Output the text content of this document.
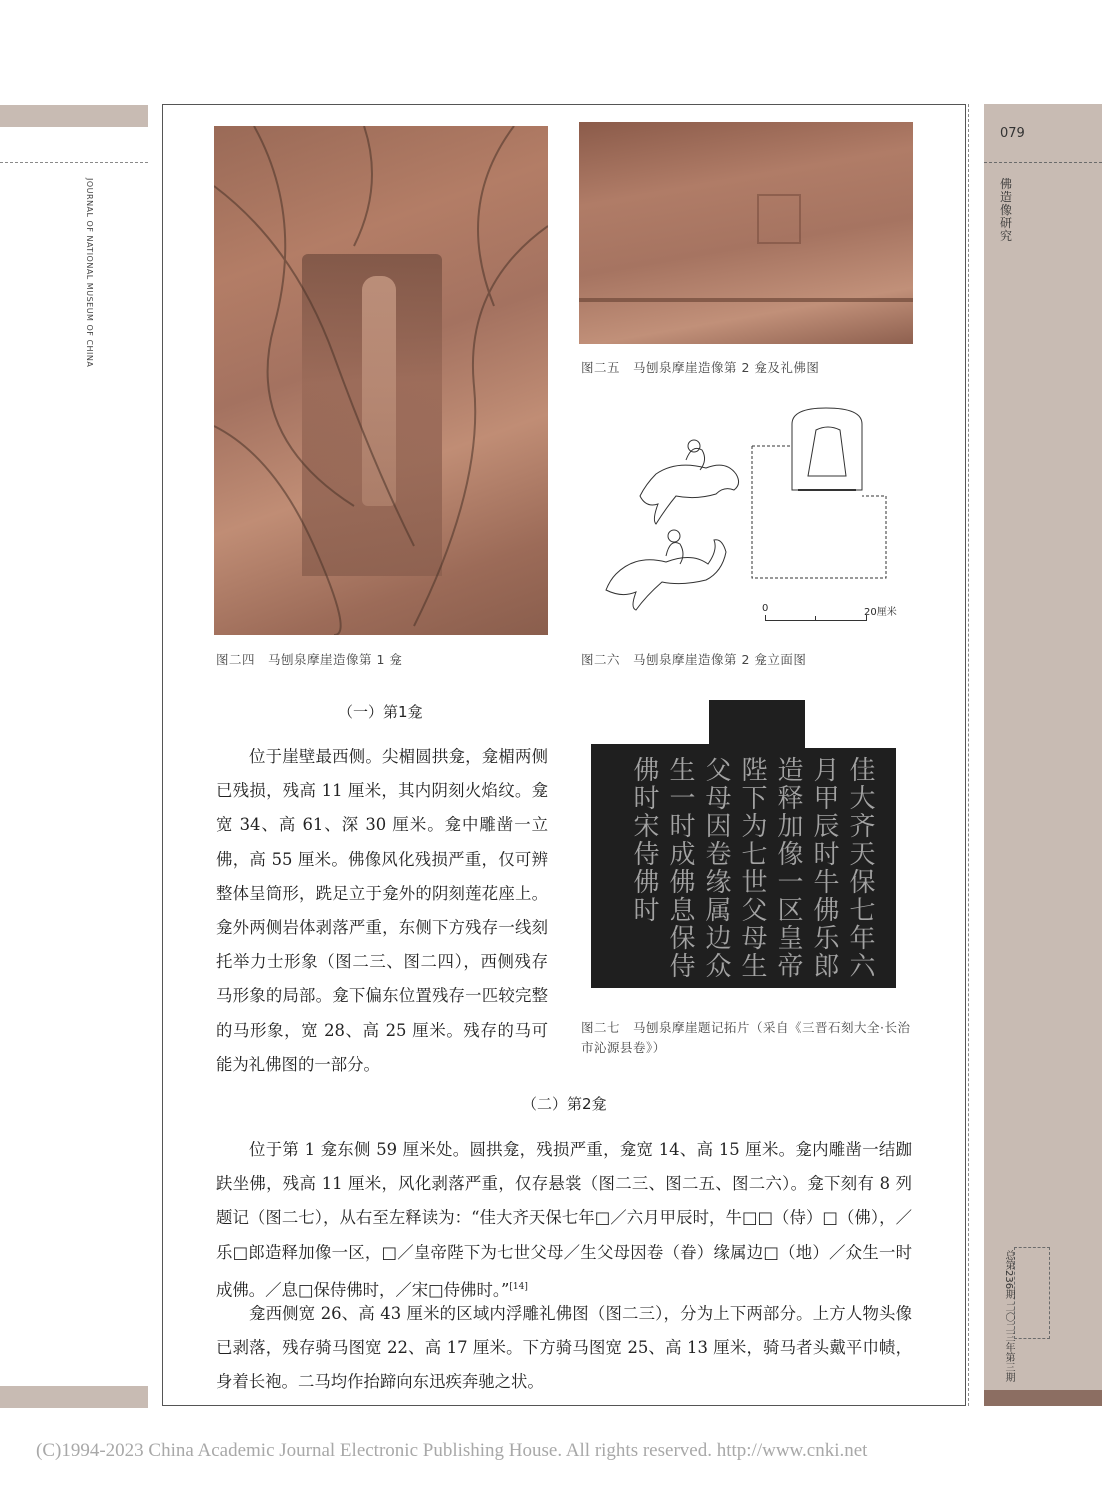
JOURNAL OF NATIONAL MUSEUM OF CHINA
079
佛造像研究
总第236期 二〇二三年第三期
图二四　马刨泉摩崖造像第 1 龛
图二五　马刨泉摩崖造像第 2 龛及礼佛图
0	20厘米
图二六　马刨泉摩崖造像第 2 龛立面图
佳大齐天保七年六月甲辰时牛佛乐郎造释加像一区皇帝陛下为七世父母生父母因卷缘属边众生一时成佛息保侍佛时宋侍佛时
图二七　马刨泉摩崖题记拓片（采自《三晋石刻大全·长治市沁源县卷》）
（一）第1龛
位于崖壁最西侧。尖楣圆拱龛，龛楣两侧已残损，残高 11 厘米，其内阴刻火焰纹。龛宽 34、高 61、深 30 厘米。龛中雕凿一立佛，高 55 厘米。佛像风化残损严重，仅可辨整体呈筒形，跣足立于龛外的阴刻莲花座上。龛外两侧岩体剥落严重，东侧下方残存一线刻托举力士形象（图二三、图二四），西侧残存马形象的局部。龛下偏东位置残存一匹较完整的马形象，宽 28、高 25 厘米。残存的马可能为礼佛图的一部分。
（二）第2龛
位于第 1 龛东侧 59 厘米处。圆拱龛，残损严重，龛宽 14、高 15 厘米。龛内雕凿一结跏趺坐佛，残高 11 厘米，风化剥落严重，仅存悬裳（图二三、图二五、图二六）。龛下刻有 8 列题记（图二七），从右至左释读为：“佳大齐天保七年□／六月甲辰时，牛□□（侍）□（佛），／乐□郎造释加像一区，□／皇帝陛下为七世父母／生父母因卷（眷）缘属边□（地）／众生一时成佛。／息□保侍佛时，／宋□侍佛时。”[14]
龛西侧宽 26、高 43 厘米的区域内浮雕礼佛图（图二三），分为上下两部分。上方人物头像已剥落，残存骑马图宽 22、高 17 厘米。下方骑马图宽 25、高 13 厘米，骑马者头戴平巾帻，身着长袍。二马均作抬蹄向东迅疾奔驰之状。
(C)1994-2023 China Academic Journal Electronic Publishing House. All rights reserved. http://www.cnki.net
